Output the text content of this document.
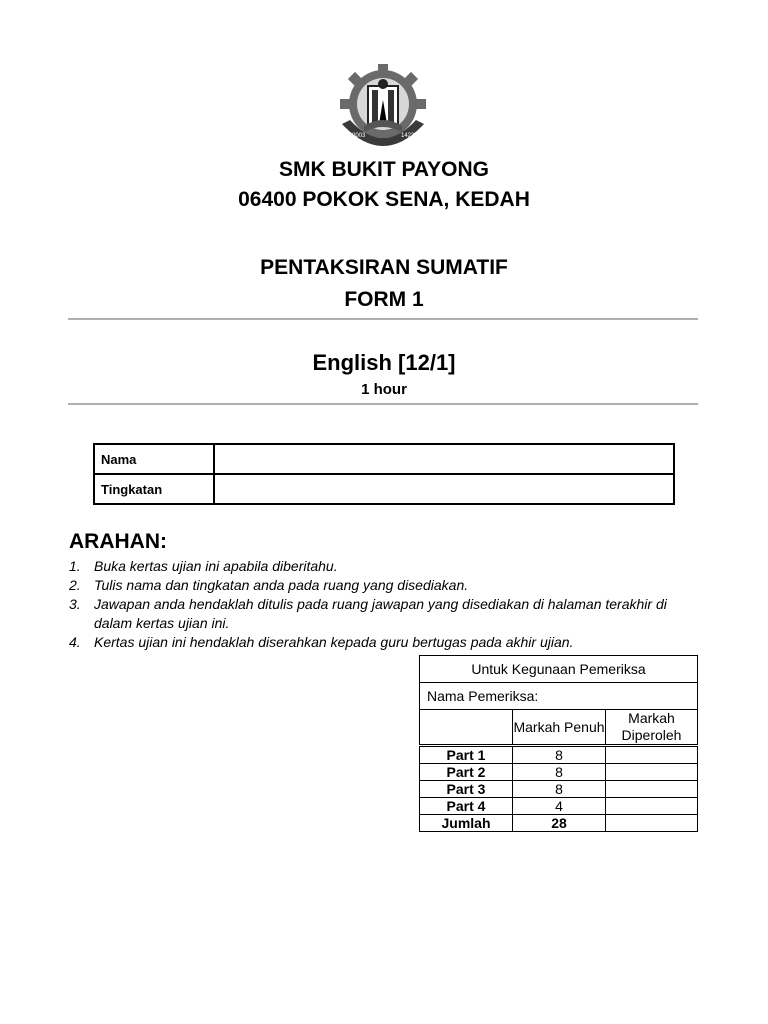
2003	1423
SMK BUKIT PAYONG
06400 POKOK SENA, KEDAH
PENTAKSIRAN SUMATIF
FORM 1
English [12/1]
1 hour
Nama	
Tingkatan	
ARAHAN:
1. Buka kertas ujian ini apabila diberitahu.
2. Tulis nama dan tingkatan anda pada ruang yang disediakan.
3. Jawapan anda hendaklah ditulis pada ruang jawapan yang disediakan di halaman terakhir di dalam kertas ujian ini.
4. Kertas ujian ini hendaklah diserahkan kepada guru bertugas pada akhir ujian.
Untuk Kegunaan Pemeriksa		
Nama Pemeriksa:		
	Markah Penuh	Markah Diperoleh
Part 1	8	
Part 2	8	
Part 3	8	
Part 4	4	
Jumlah	28	
